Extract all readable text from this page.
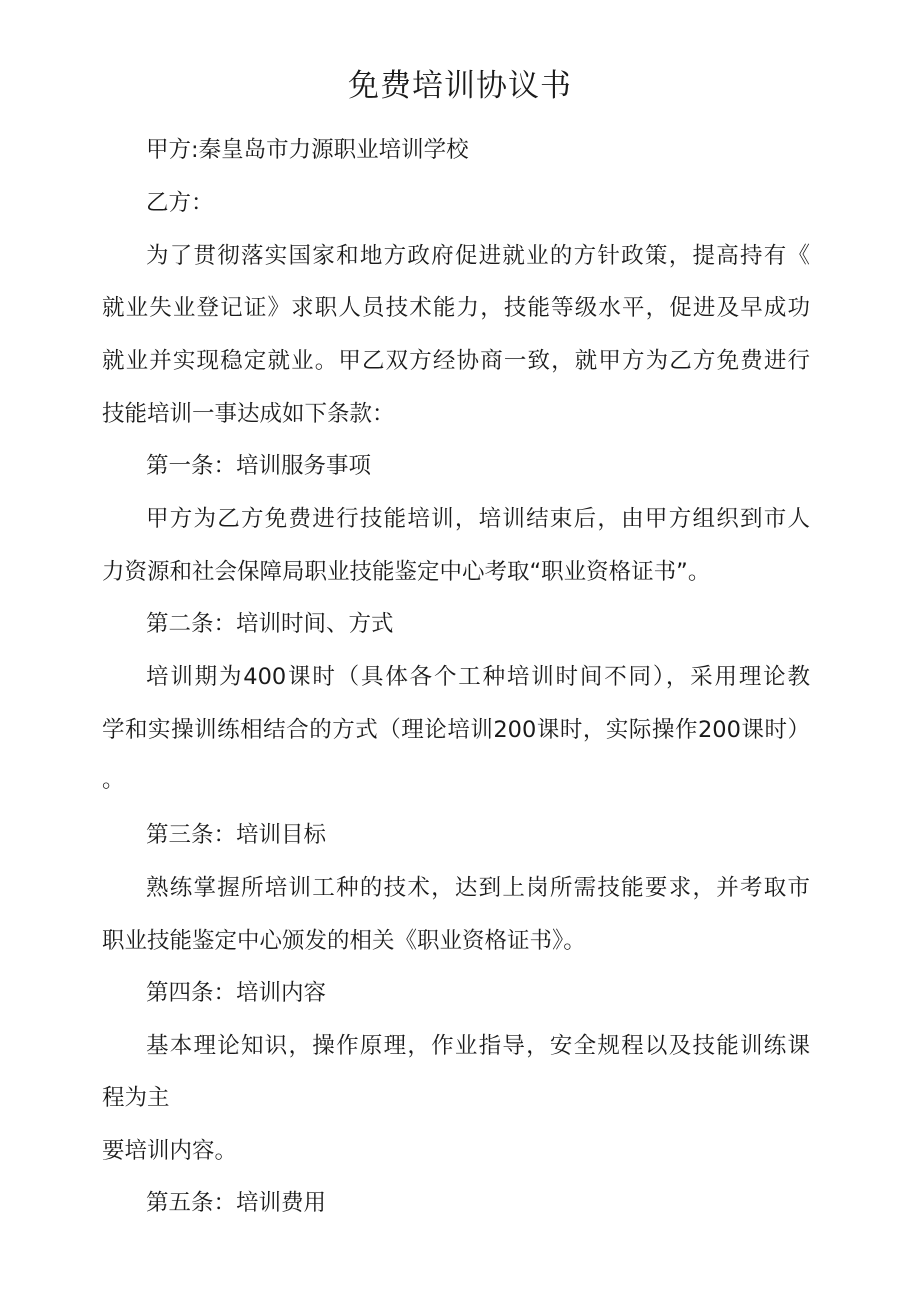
免费培训协议书

甲方:秦皇岛市力源职业培训学校

乙方：

为了贯彻落实国家和地方政府促进就业的方针政策，提高持有《

就业失业登记证》求职人员技术能力，技能等级水平，促进及早成功

就业并实现稳定就业。甲乙双方经协商一致，就甲方为乙方免费进行

技能培训一事达成如下条款：

第一条：培训服务事项

甲方为乙方免费进行技能培训，培训结束后，由甲方组织到市人

力资源和社会保障局职业技能鉴定中心考取“职业资格证书”。

第二条：培训时间、方式

培训期为400课时（具体各个工种培训时间不同），采用理论教

学和实操训练相结合的方式（理论培训200课时，实际操作200课时）

。

第三条：培训目标

熟练掌握所培训工种的技术，达到上岗所需技能要求，并考取市

职业技能鉴定中心颁发的相关《职业资格证书》。

第四条：培训内容

基本理论知识，操作原理，作业指导，安全规程以及技能训练课

程为主

要培训内容。

第五条：培训费用
